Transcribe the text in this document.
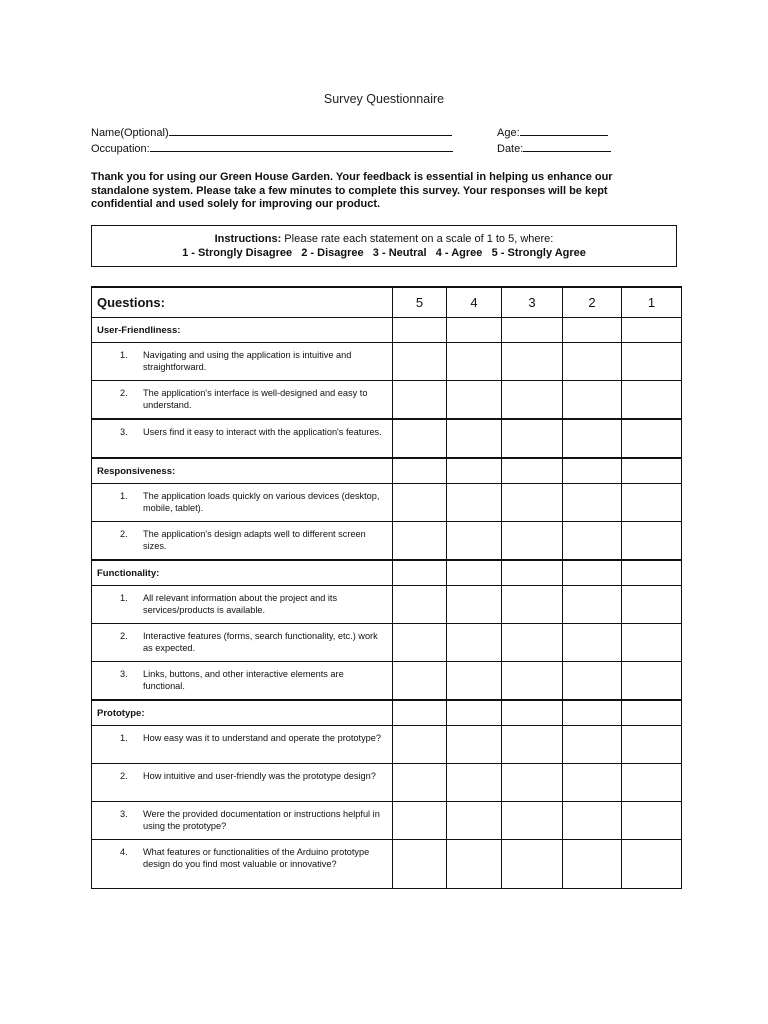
Survey Questionnaire
Name(Optional)
Occupation:
Age:
Date:
Thank you for using our Green House Garden. Your feedback is essential in helping us enhance our standalone system. Please take a few minutes to complete this survey. Your responses will be kept confidential and used solely for improving our product.
Instructions: Please rate each statement on a scale of 1 to 5, where:
1 - Strongly Disagree   2 - Disagree   3 - Neutral   4 - Agree   5 - Strongly Agree
Questions:	5	4	3	2	1
User-Friendliness:					

1. Navigating and using the application is intuitive and straightforward.					

2. The application's interface is well-designed and easy to understand.					

3. Users find it easy to interact with the application's features.					

Responsiveness:					

1. The application loads quickly on various devices (desktop, mobile, tablet).					

2. The application's design adapts well to different screen sizes.					

Functionality:					

1. All relevant information about the project and its services/products is available.					

2. Interactive features (forms, search functionality, etc.) work as expected.					

3. Links, buttons, and other interactive elements are functional.					

Prototype:					

1. How easy was it to understand and operate the prototype?					

2. How intuitive and user-friendly was the prototype design?					

3. Were the provided documentation or instructions helpful in using the prototype?					

4. What features or functionalities of the Arduino prototype design do you find most valuable or innovative?					
